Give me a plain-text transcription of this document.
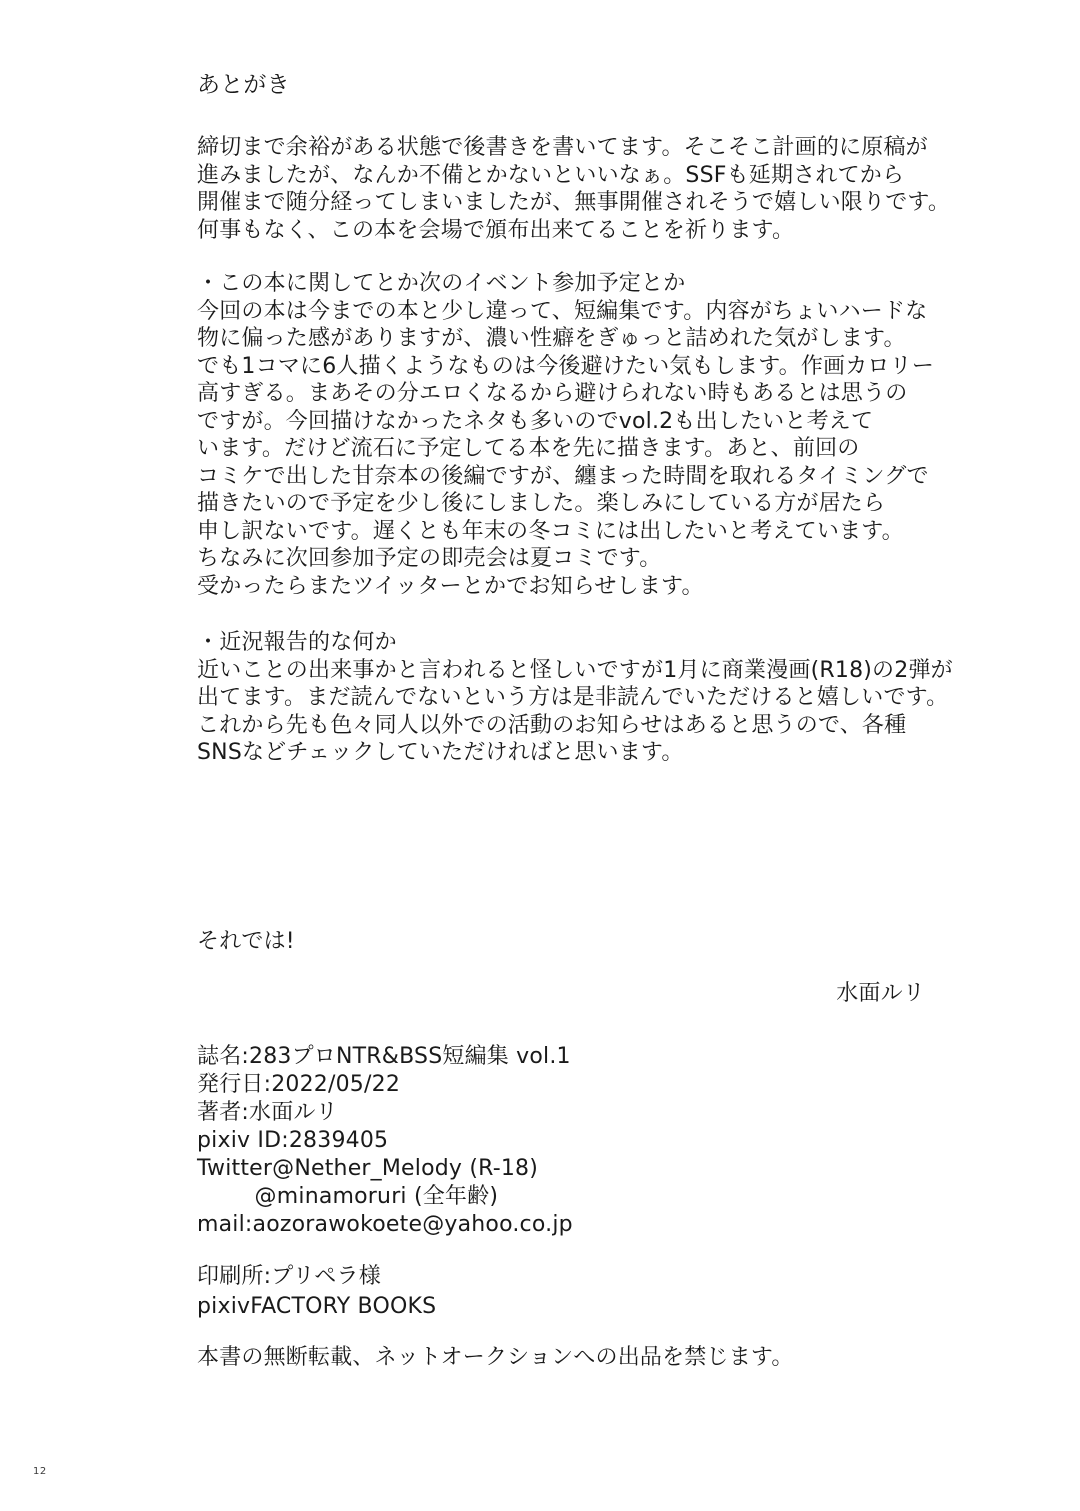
あとがき
締切まで余裕がある状態で後書きを書いてます。そこそこ計画的に原稿が
進みましたが、なんか不備とかないといいなぁ。SSFも延期されてから
開催まで随分経ってしまいましたが、無事開催されそうで嬉しい限りです。
何事もなく、この本を会場で頒布出来てることを祈ります。
・この本に関してとか次のイベント参加予定とか
今回の本は今までの本と少し違って、短編集です。内容がちょいハードな
物に偏った感がありますが、濃い性癖をぎゅっと詰めれた気がします。
でも1コマに6人描くようなものは今後避けたい気もします。作画カロリー
高すぎる。まあその分エロくなるから避けられない時もあるとは思うの
ですが。今回描けなかったネタも多いのでvol.2も出したいと考えて
います。だけど流石に予定してる本を先に描きます。あと、前回の
コミケで出した甘奈本の後編ですが、纏まった時間を取れるタイミングで
描きたいので予定を少し後にしました。楽しみにしている方が居たら
申し訳ないです。遅くとも年末の冬コミには出したいと考えています。
ちなみに次回参加予定の即売会は夏コミです。
受かったらまたツイッターとかでお知らせします。
・近況報告的な何か
近いことの出来事かと言われると怪しいですが1月に商業漫画(R18)の2弾が
出てます。まだ読んでないという方は是非読んでいただけると嬉しいです。
これから先も色々同人以外での活動のお知らせはあると思うので、各種
SNSなどチェックしていただければと思います。
それでは!
水面ルリ
誌名:283プロNTR&BSS短編集 vol.1
発行日:2022/05/22
著者:水面ルリ
pixiv ID:2839405
Twitter@Nether_Melody (R-18)
@minamoruri (全年齢)
mail:aozorawokoete@yahoo.co.jp
印刷所:プリペラ様
pixivFACTORY BOOKS
本書の無断転載、ネットオークションへの出品を禁じます。
12
